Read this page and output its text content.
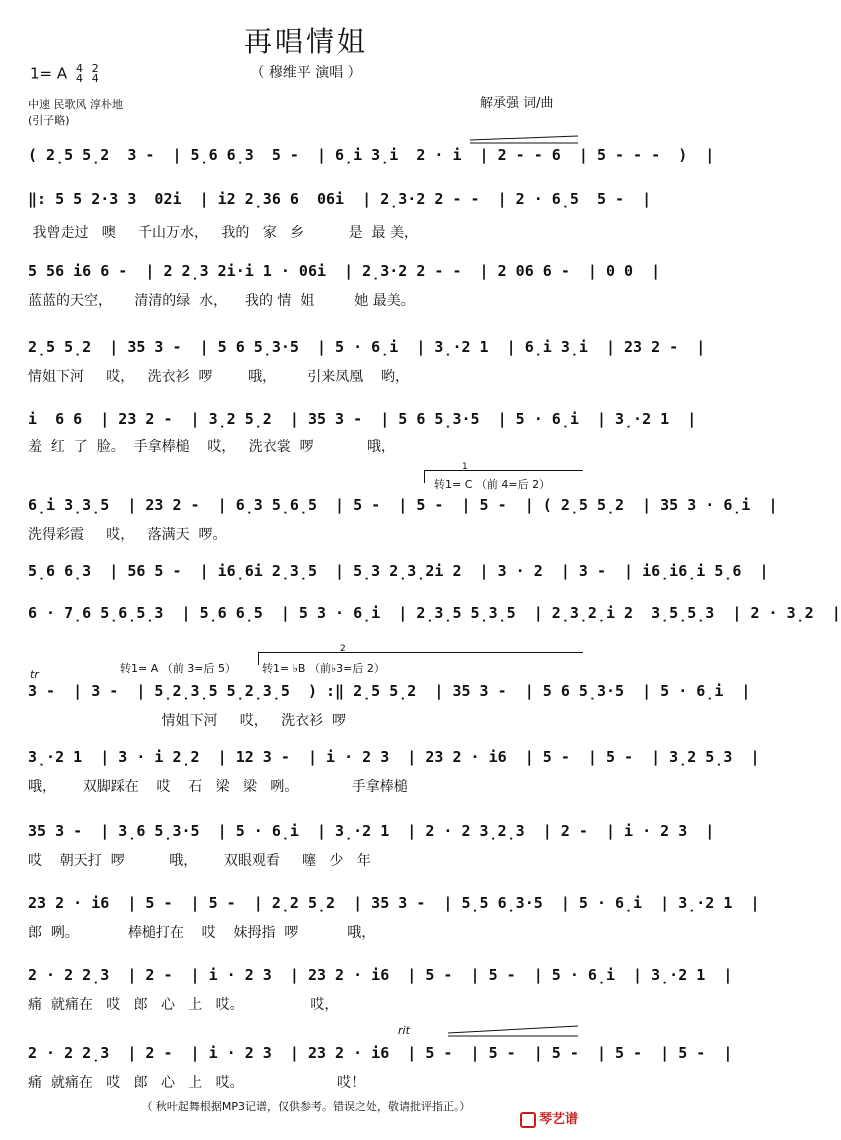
再唱情姐
（ 穆维平 演唱 ）
1= A 4
4

2
4
中速 民歌风 淳朴地
(引子略)
解承强 词/曲
( 2̣5 5̣2  3 -  | 5̣6 6̣3  5 -  | 6̣i 3̣i  2 · i  | 2 - - 6  | 5 - - -  )  |
‖: 5 5 2·3 3  02i  | i2 2̣36 6  06i  | 2̣3·2 2 - -  | 2 · 6̣5  5 -  |
我曾走过   噢     千山万水，   我的   家   乡          是  最 美，
5 56 i6 6 -  | 2 2̣3 2i·i 1 · 06i  | 2̣3·2 2 - -  | 2 06 6 -  | 0 0  |
蓝蓝的天空，     清清的绿  水，    我的 情  姐         她 最美。
2̣5 5̣2  | 35 3 -  | 5 6 5̣3·5  | 5 · 6̣i  | 3̣·2 1  | 6̣i 3̣i  | 23 2 -  |
情姐下河     哎，   洗衣衫  啰        哦，       引来凤凰    哟，
i  6 6  | 23 2 -  | 3̣2 5̣2  | 35 3 -  | 5 6 5̣3·5  | 5 · 6̣i  | 3̣·2 1  |
羞  红  了  脸。  手拿棒槌    哎，   洗衣裳  啰            哦，
1
转1= C （前 4=后 2）
6̣i 3̣3̣5  | 23 2 -  | 6̣3 5̣6̣5  | 5 -  | 5 -  | 5 -  | ( 2̣5 5̣2  | 35 3 · 6̣i  |
洗得彩霞     哎，   落满天  啰。
5̣6 6̣3  | 56 5 -  | i6̣6i 2̣3̣5  | 5̣3 2̣3̣2i 2  | 3 · 2  | 3 -  | i6̣i6̣i 5̣6  |
6 · 7̣6 5̣6̣5̣3  | 5̣6 6̣5  | 5 3 · 6̣i  | 2̣3̣5 5̣3̣5  | 2̣3̣2̣i 2  3̣5̣5̣3  | 2 · 3̣2  |
2
转1= A （前 3=后 5） 转1= ♭B （前♭3=后 2）
tr
3 -  | 3 -  | 5̣2̣3̣5 5̣2̣3̣5  ) :‖ 2̣5 5̣2  | 35 3 -  | 5 6 5̣3·5  | 5 · 6̣i  |
情姐下河     哎，   洗衣衫  啰
3̣·2 1  | 3 · i 2̣2  | 12 3 -  | i · 2 3  | 23 2 · i6  | 5 -  | 5 -  | 3̣2 5̣3  |
哦，      双脚踩在    哎    石   梁   梁   咧。            手拿棒槌
35 3 -  | 3̣6 5̣3·5  | 5 · 6̣i  | 3̣·2 1  | 2 · 2 3̣2̣3  | 2 -  | i · 2 3  |
哎    朝天打  啰          哦，      双眼观看     噻   少   年
23 2 · i6  | 5 -  | 5 -  | 2̣2 5̣2  | 35 3 -  | 5̣5 6̣3·5  | 5 · 6̣i  | 3̣·2 1  |
郎  咧。           棒槌打在    哎    妹拇指  啰           哦，
2 · 2 2̣3  | 2 -  | i · 2 3  | 23 2 · i6  | 5 -  | 5 -  | 5 · 6̣i  | 3̣·2 1  |
痛  就痛在   哎   郎   心   上   哎。               哎，
rit
2 · 2 2̣3  | 2 -  | i · 2 3  | 23 2 · i6  | 5 -  | 5 -  | 5 -  | 5 -  | 5 -  |
痛  就痛在   哎   郎   心   上   哎。                     哎！
（ 秋叶起舞根据MP3记谱，仅供参考。错误之处，敬请批评指正。）
琴艺谱
